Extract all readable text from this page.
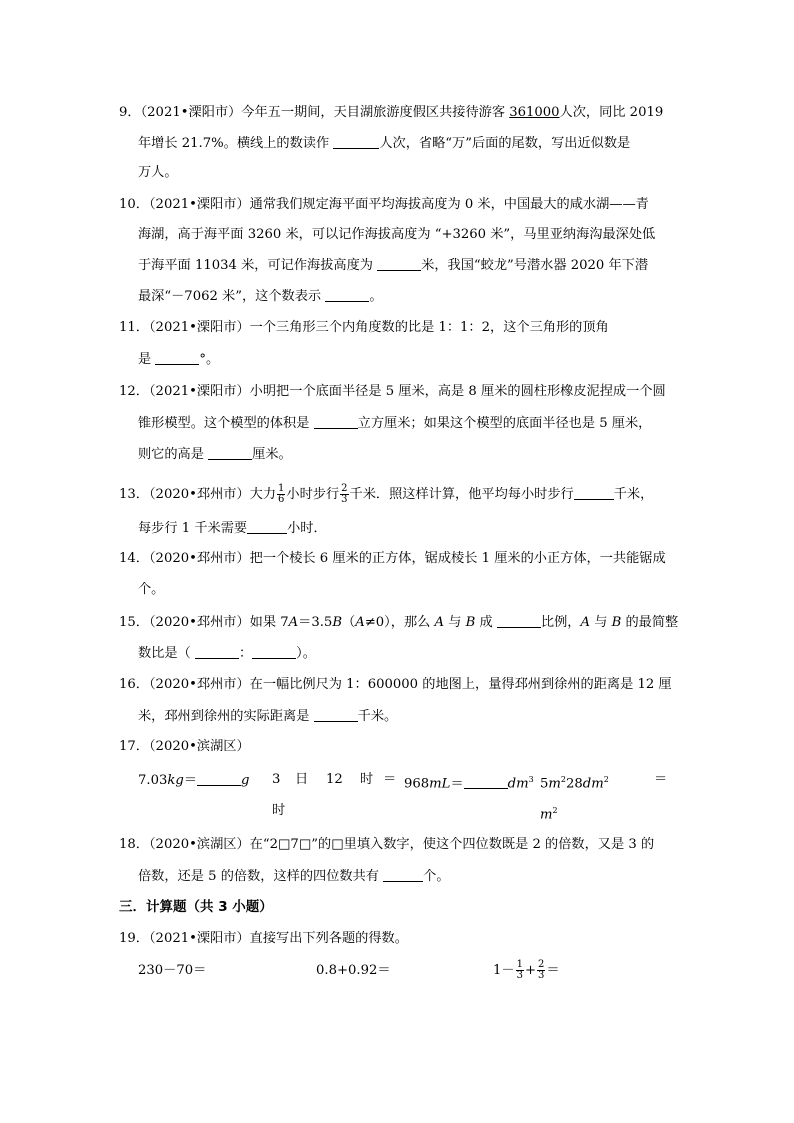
9．（2021•溧阳市）今年五一期间，天目湖旅游度假区共接待游客 361000人次，同比 2019
年增长 21.7%。横线上的数读作	人次，省略“万”后面的尾数，写出近似数是
万人。
10．（2021•溧阳市）通常我们规定海平面平均海拔高度为 0 米，中国最大的咸水湖——青
海湖，高于海平面 3260 米，可以记作海拔高度为 “+3260 米”，马里亚纳海沟最深处低
于海平面 11034 米，可记作海拔高度为	米，我国“蛟龙”号潜水器 2020 年下潜
最深“－7062 米”，这个数表示	。
11．（2021•溧阳市）一个三角形三个内角度数的比是 1：1：2，这个三角形的顶角
是	°。
12．（2021•溧阳市）小明把一个底面半径是 5 厘米，高是 8 厘米的圆柱形橡皮泥捏成一个圆
锥形模型。这个模型的体积是	立方厘米；如果这个模型的底面半径也是 5 厘米，
则它的高是	厘米。
13．（2020•邳州市）大力 $\frac{1}{6}$ 小时步行 $\frac{2}{3}$ 千米．照这样计算，他平均每小时步行	千米，
每步行 1 千米需要	小时．
14．（2020•邳州市）把一个棱长 6 厘米的正方体，锯成棱长 1 厘米的小正方体，一共能锯成
个。
15．（2020•邳州市）如果 7A＝3.5B（A≠0），那么 A 与 B 成	比例，A 与 B 的最简整
数比是（	：	）。
16．（2020•邳州市）在一幅比例尺为 1：600000 的地图上，量得邳州到徐州的距离是 12 厘
米，邳州到徐州的实际距离是	千米。
17．（2020•滨湖区）
7.03kg＝	g 3 日 12 时 ＝
时
968mL＝	$dm^3$ $5m^228dm^2$	＝
$m^2$
18．（2020•滨湖区）在“2□7□”的□里填入数字，使这个四位数既是 2 的倍数，又是 3 的
倍数，还是 5 的倍数，这样的四位数共有	个。
三．计算题（共 3 小题）
19．（2021•溧阳市）直接写出下列各题的得数。
230－70＝	0.8+0.92＝	$1- \frac{1}{3} + \frac{2}{3}$ ＝
